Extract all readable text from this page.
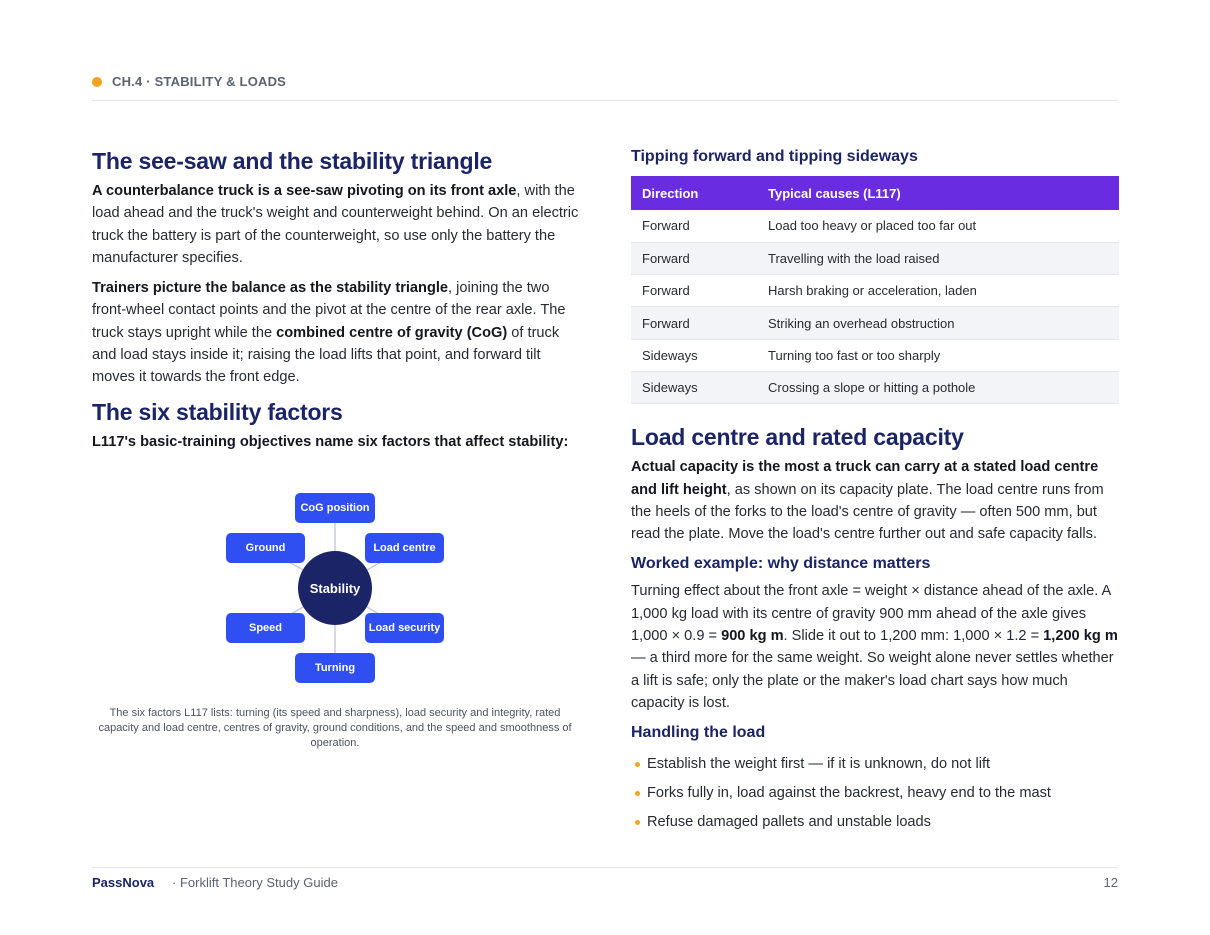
CH.4 · STABILITY & LOADS
The see-saw and the stability triangle

A counterbalance truck is a see-saw pivoting on its front axle, with the load ahead and the truck's weight and counterweight behind. On an electric truck the battery is part of the counterweight, so use only the battery the manufacturer specifies.

Trainers picture the balance as the stability triangle, joining the two front-wheel contact points and the pivot at the centre of the rear axle. The truck stays upright while the combined centre of gravity (CoG) of truck and load stays inside it; raising the load lifts that point, and forward tilt moves it towards the front edge.

The six stability factors

L117's basic-training objectives name six factors that affect stability:

CoG position
Ground	Load centre
Speed	Load security
Turning
Stability

The six factors L117 lists: turning (its speed and sharpness), load security and integrity, rated capacity and load centre, centres of gravity, ground conditions, and the speed and smoothness of operation.

Tipping forward and tipping sideways
Direction	Typical causes (L117)
Forward	Load too heavy or placed too far out
Forward	Travelling with the load raised
Forward	Harsh braking or acceleration, laden
Forward	Striking an overhead obstruction
Sideways	Turning too fast or too sharply
Sideways	Crossing a slope or hitting a pothole
Load centre and rated capacity

Actual capacity is the most a truck can carry at a stated load centre and lift height, as shown on its capacity plate. The load centre runs from the heels of the forks to the load's centre of gravity — often 500 mm, but read the plate. Move the load's centre further out and safe capacity falls.

Worked example: why distance matters

Turning effect about the front axle = weight × distance ahead of the axle. A 1,000 kg load with its centre of gravity 900 mm ahead of the axle gives 1,000 × 0.9 = 900 kg m. Slide it out to 1,200 mm: 1,000 × 1.2 = 1,200 kg m — a third more for the same weight. So weight alone never settles whether a lift is safe; only the plate or the maker's load chart says how much capacity is lost.

Handling the load
Establish the weight first — if it is unknown, do not lift
Forks fully in, load against the backrest, heavy end to the mast
Refuse damaged pallets and unstable loads
PassNova · Forklift Theory Study Guide	12
